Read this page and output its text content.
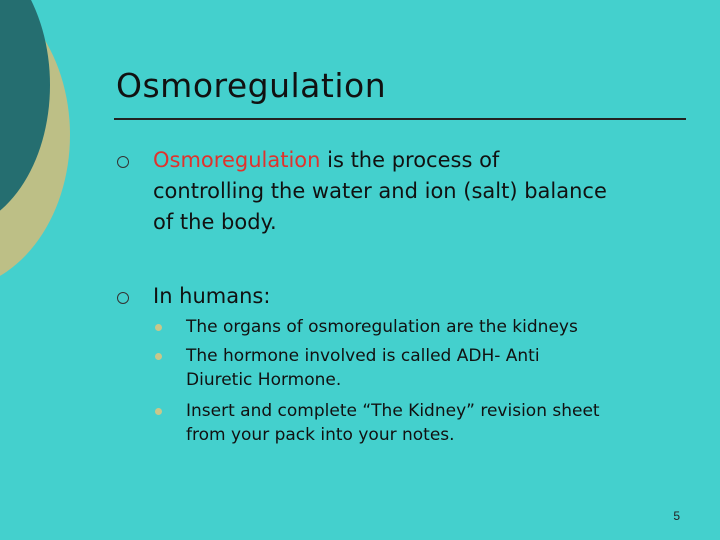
Osmoregulation
Osmoregulation is the process of
controlling the water and ion (salt) balance
of the body.
In humans:
The organs of osmoregulation are the kidneys
The hormone involved is called ADH- Anti
Diuretic Hormone.
Insert and complete “The Kidney” revision sheet
from your pack into your notes.
5
